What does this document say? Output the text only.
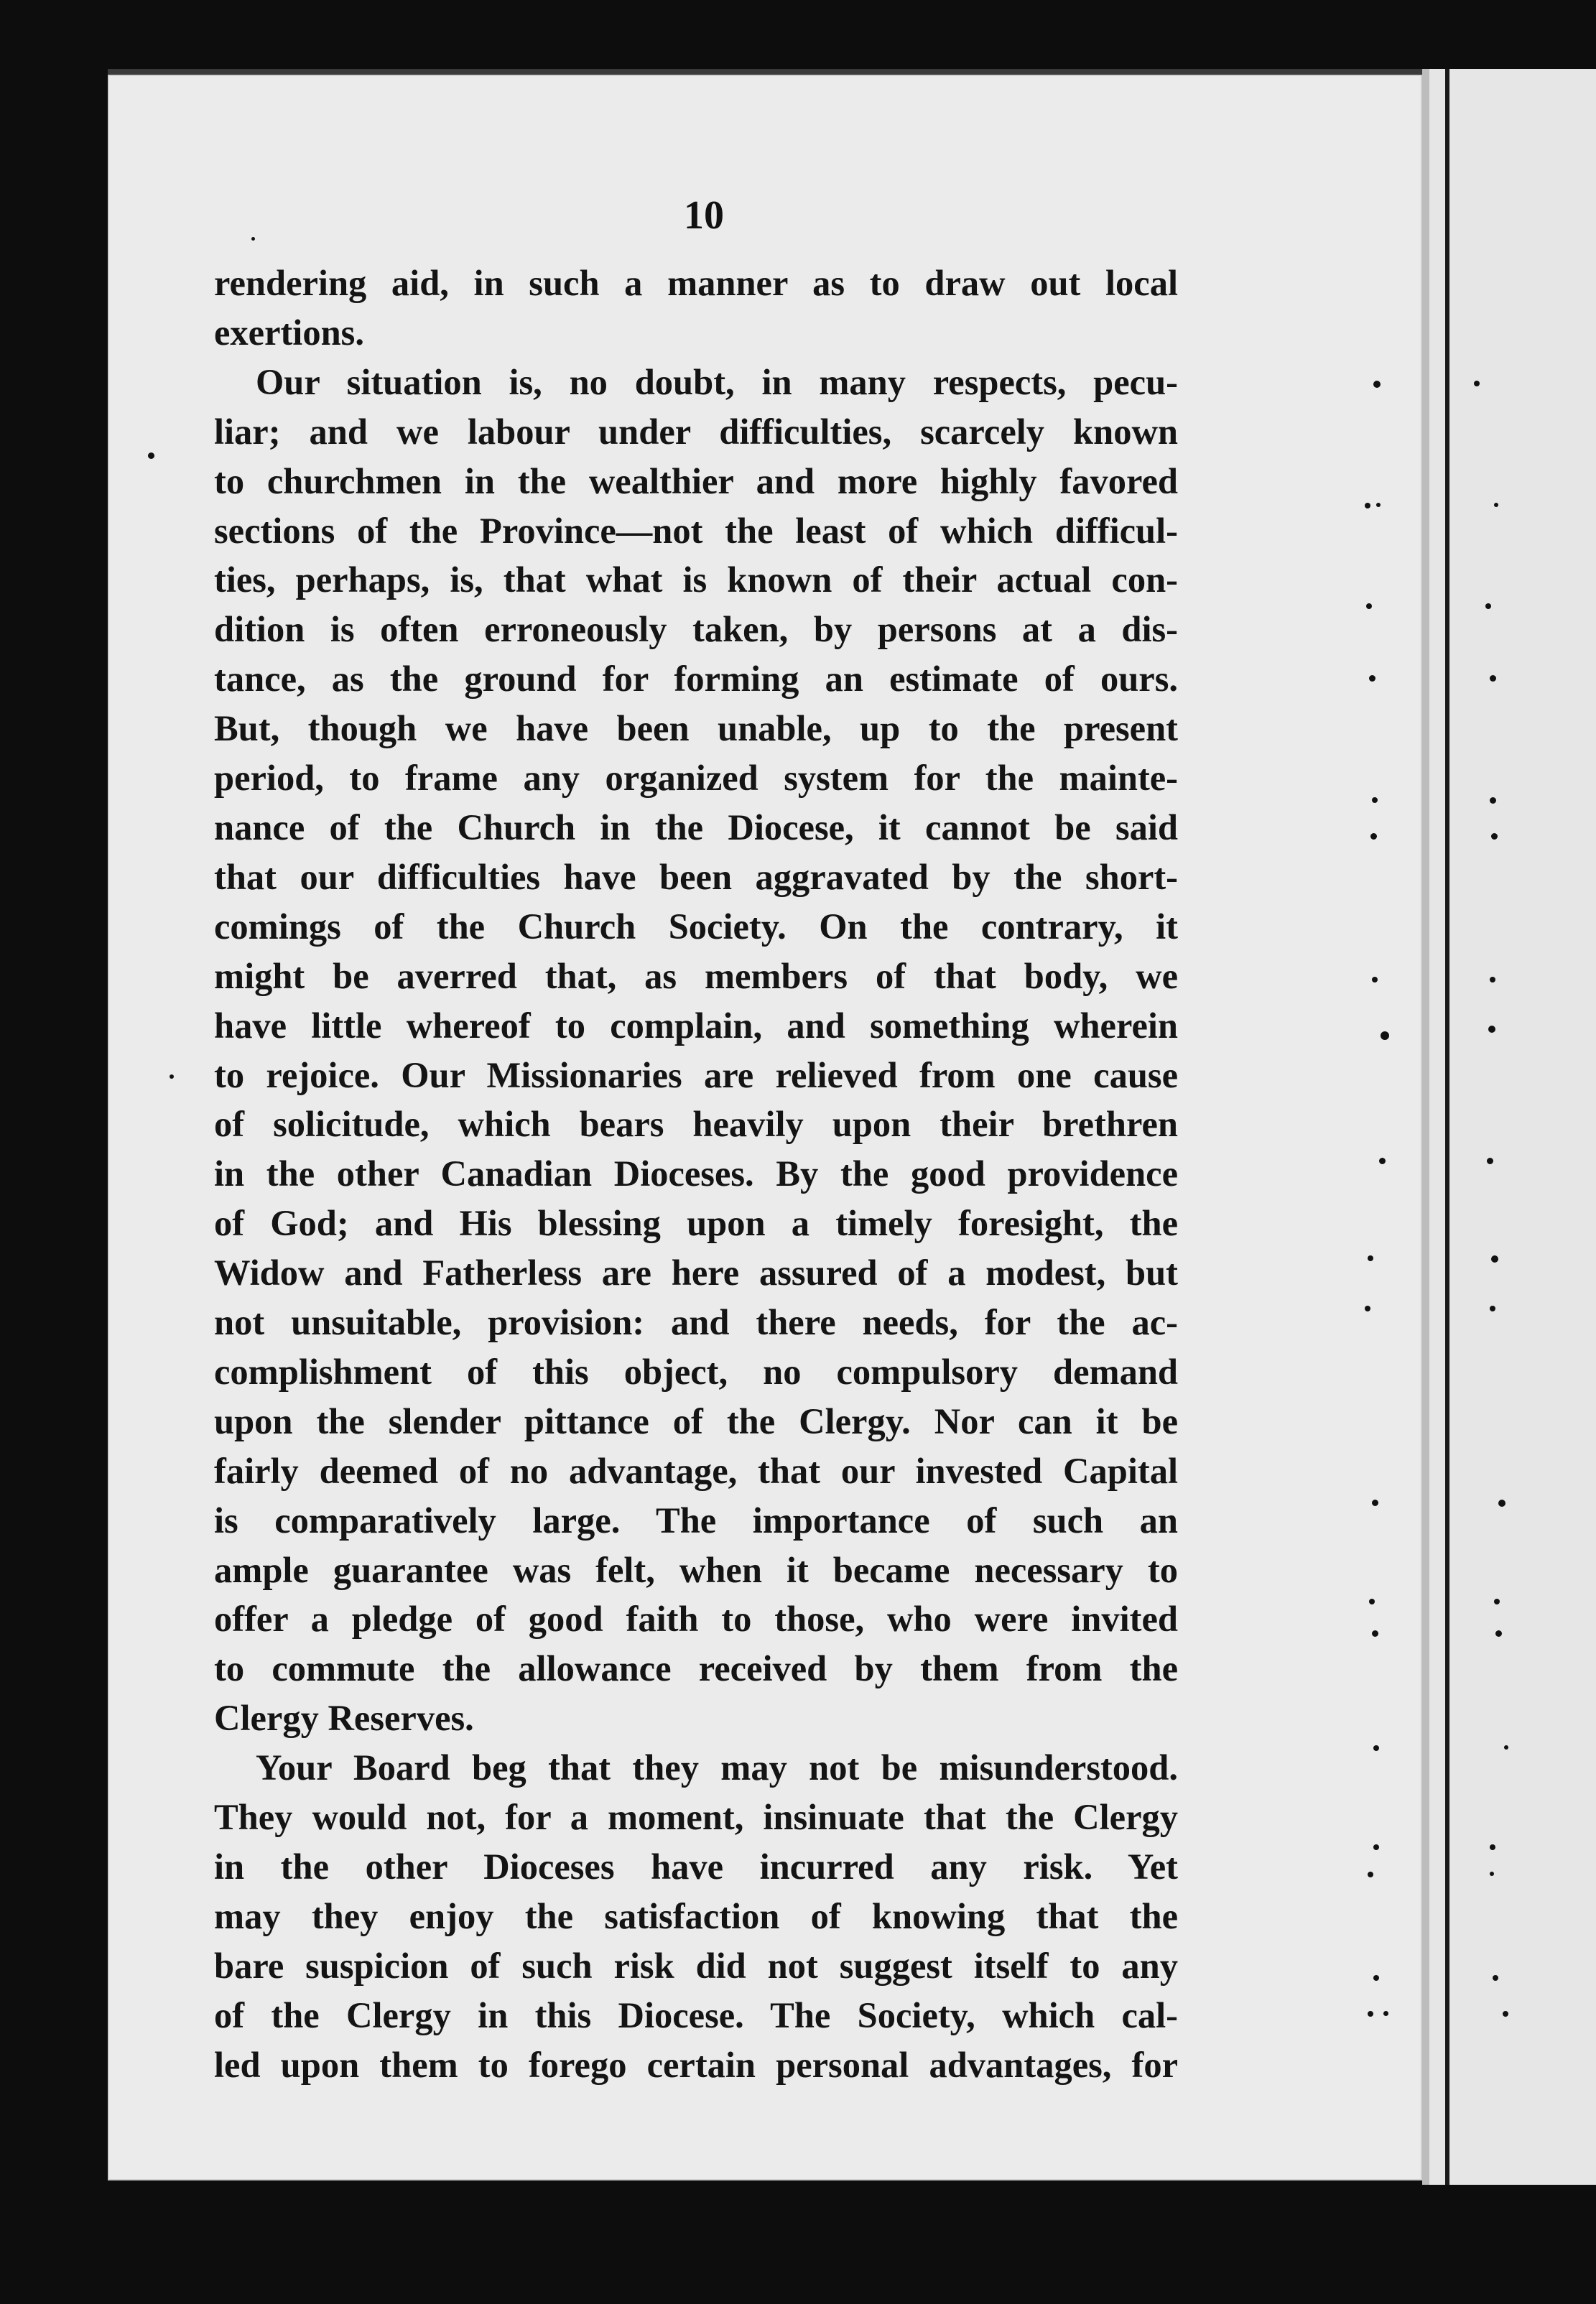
10
rendering aid, in such a manner as to draw out local
exertions.
Our situation is, no doubt, in many respects, pecu-
liar; and we labour under difficulties, scarcely known
to churchmen in the wealthier and more highly favored
sections of the Province—not the least of which difficul-
ties, perhaps, is, that what is known of their actual con-
dition is often erroneously taken, by persons at a dis-
tance, as the ground for forming an estimate of ours.
But, though we have been unable, up to the present
period, to frame any organized system for the mainte-
nance of the Church in the Diocese, it cannot be said
that our difficulties have been aggravated by the short-
comings of the Church Society. On the contrary, it
might be averred that, as members of that body, we
have little whereof to complain, and something wherein
to rejoice. Our Missionaries are relieved from one cause
of solicitude, which bears heavily upon their brethren
in the other Canadian Dioceses. By the good providence
of God; and His blessing upon a timely foresight, the
Widow and Fatherless are here assured of a modest, but
not unsuitable, provision: and there needs, for the ac-
complishment of this object, no compulsory demand
upon the slender pittance of the Clergy. Nor can it be
fairly deemed of no advantage, that our invested Capital
is comparatively large. The importance of such an
ample guarantee was felt, when it became necessary to
offer a pledge of good faith to those, who were invited
to commute the allowance received by them from the
Clergy Reserves.
Your Board beg that they may not be misunderstood.
They would not, for a moment, insinuate that the Clergy
in the other Dioceses have incurred any risk. Yet
may they enjoy the satisfaction of knowing that the
bare suspicion of such risk did not suggest itself to any
of the Clergy in this Diocese. The Society, which cal-
led upon them to forego certain personal advantages, for
